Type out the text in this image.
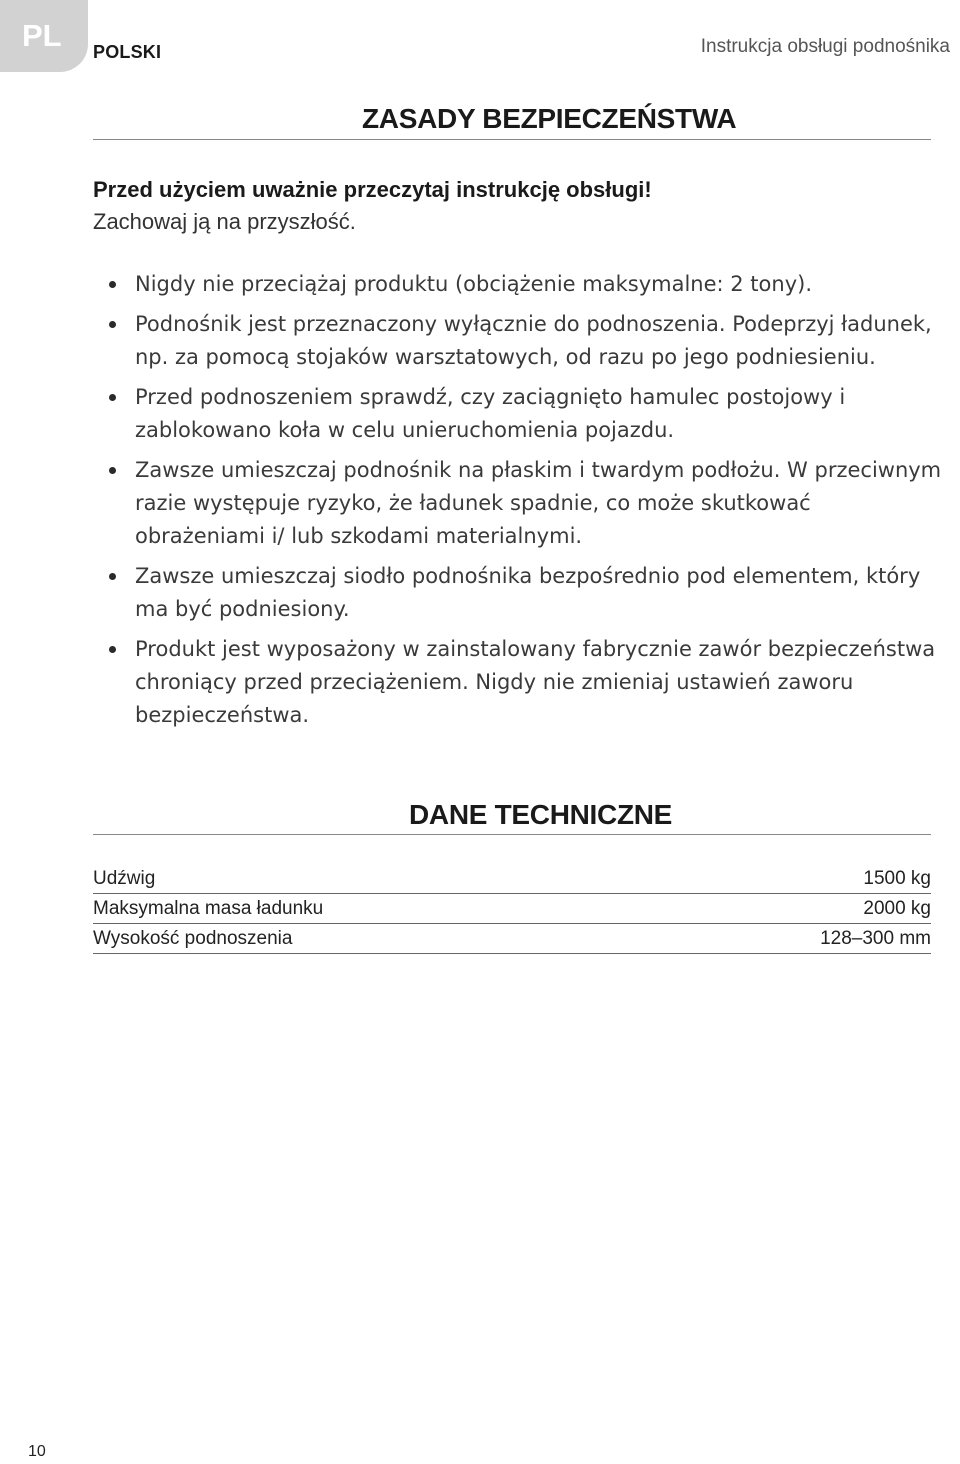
PL	POLSKI	Instrukcja obsługi podnośnika
ZASADY BEZPIECZEŃSTWA
Przed użyciem uważnie przeczytaj instrukcję obsługi!
Zachowaj ją na przyszłość.
Nigdy nie przeciążaj produktu (obciążenie maksymalne: 2 tony).
Podnośnik jest przeznaczony wyłącznie do podnoszenia. Podeprzyj ładunek, np. za pomocą stojaków warsztatowych, od razu po jego podniesieniu.
Przed podnoszeniem sprawdź, czy zaciągnięto hamulec postojowy i zablokowano koła w celu unieruchomienia pojazdu.
Zawsze umieszczaj podnośnik na płaskim i twardym podłożu. W przeciwnym razie występuje ryzyko, że ładunek spadnie, co może skutkować obrażeniami i/ lub szkodami materialnymi.
Zawsze umieszczaj siodło podnośnika bezpośrednio pod elementem, który ma być podniesiony.
Produkt jest wyposażony w zainstalowany fabrycznie zawór bezpieczeństwa chroniący przed przeciążeniem. Nigdy nie zmieniaj ustawień zaworu bezpieczeństwa.
DANE TECHNICZNE
Udźwig	1500 kg
Maksymalna masa ładunku	2000 kg
Wysokość podnoszenia	128–300 mm
10
